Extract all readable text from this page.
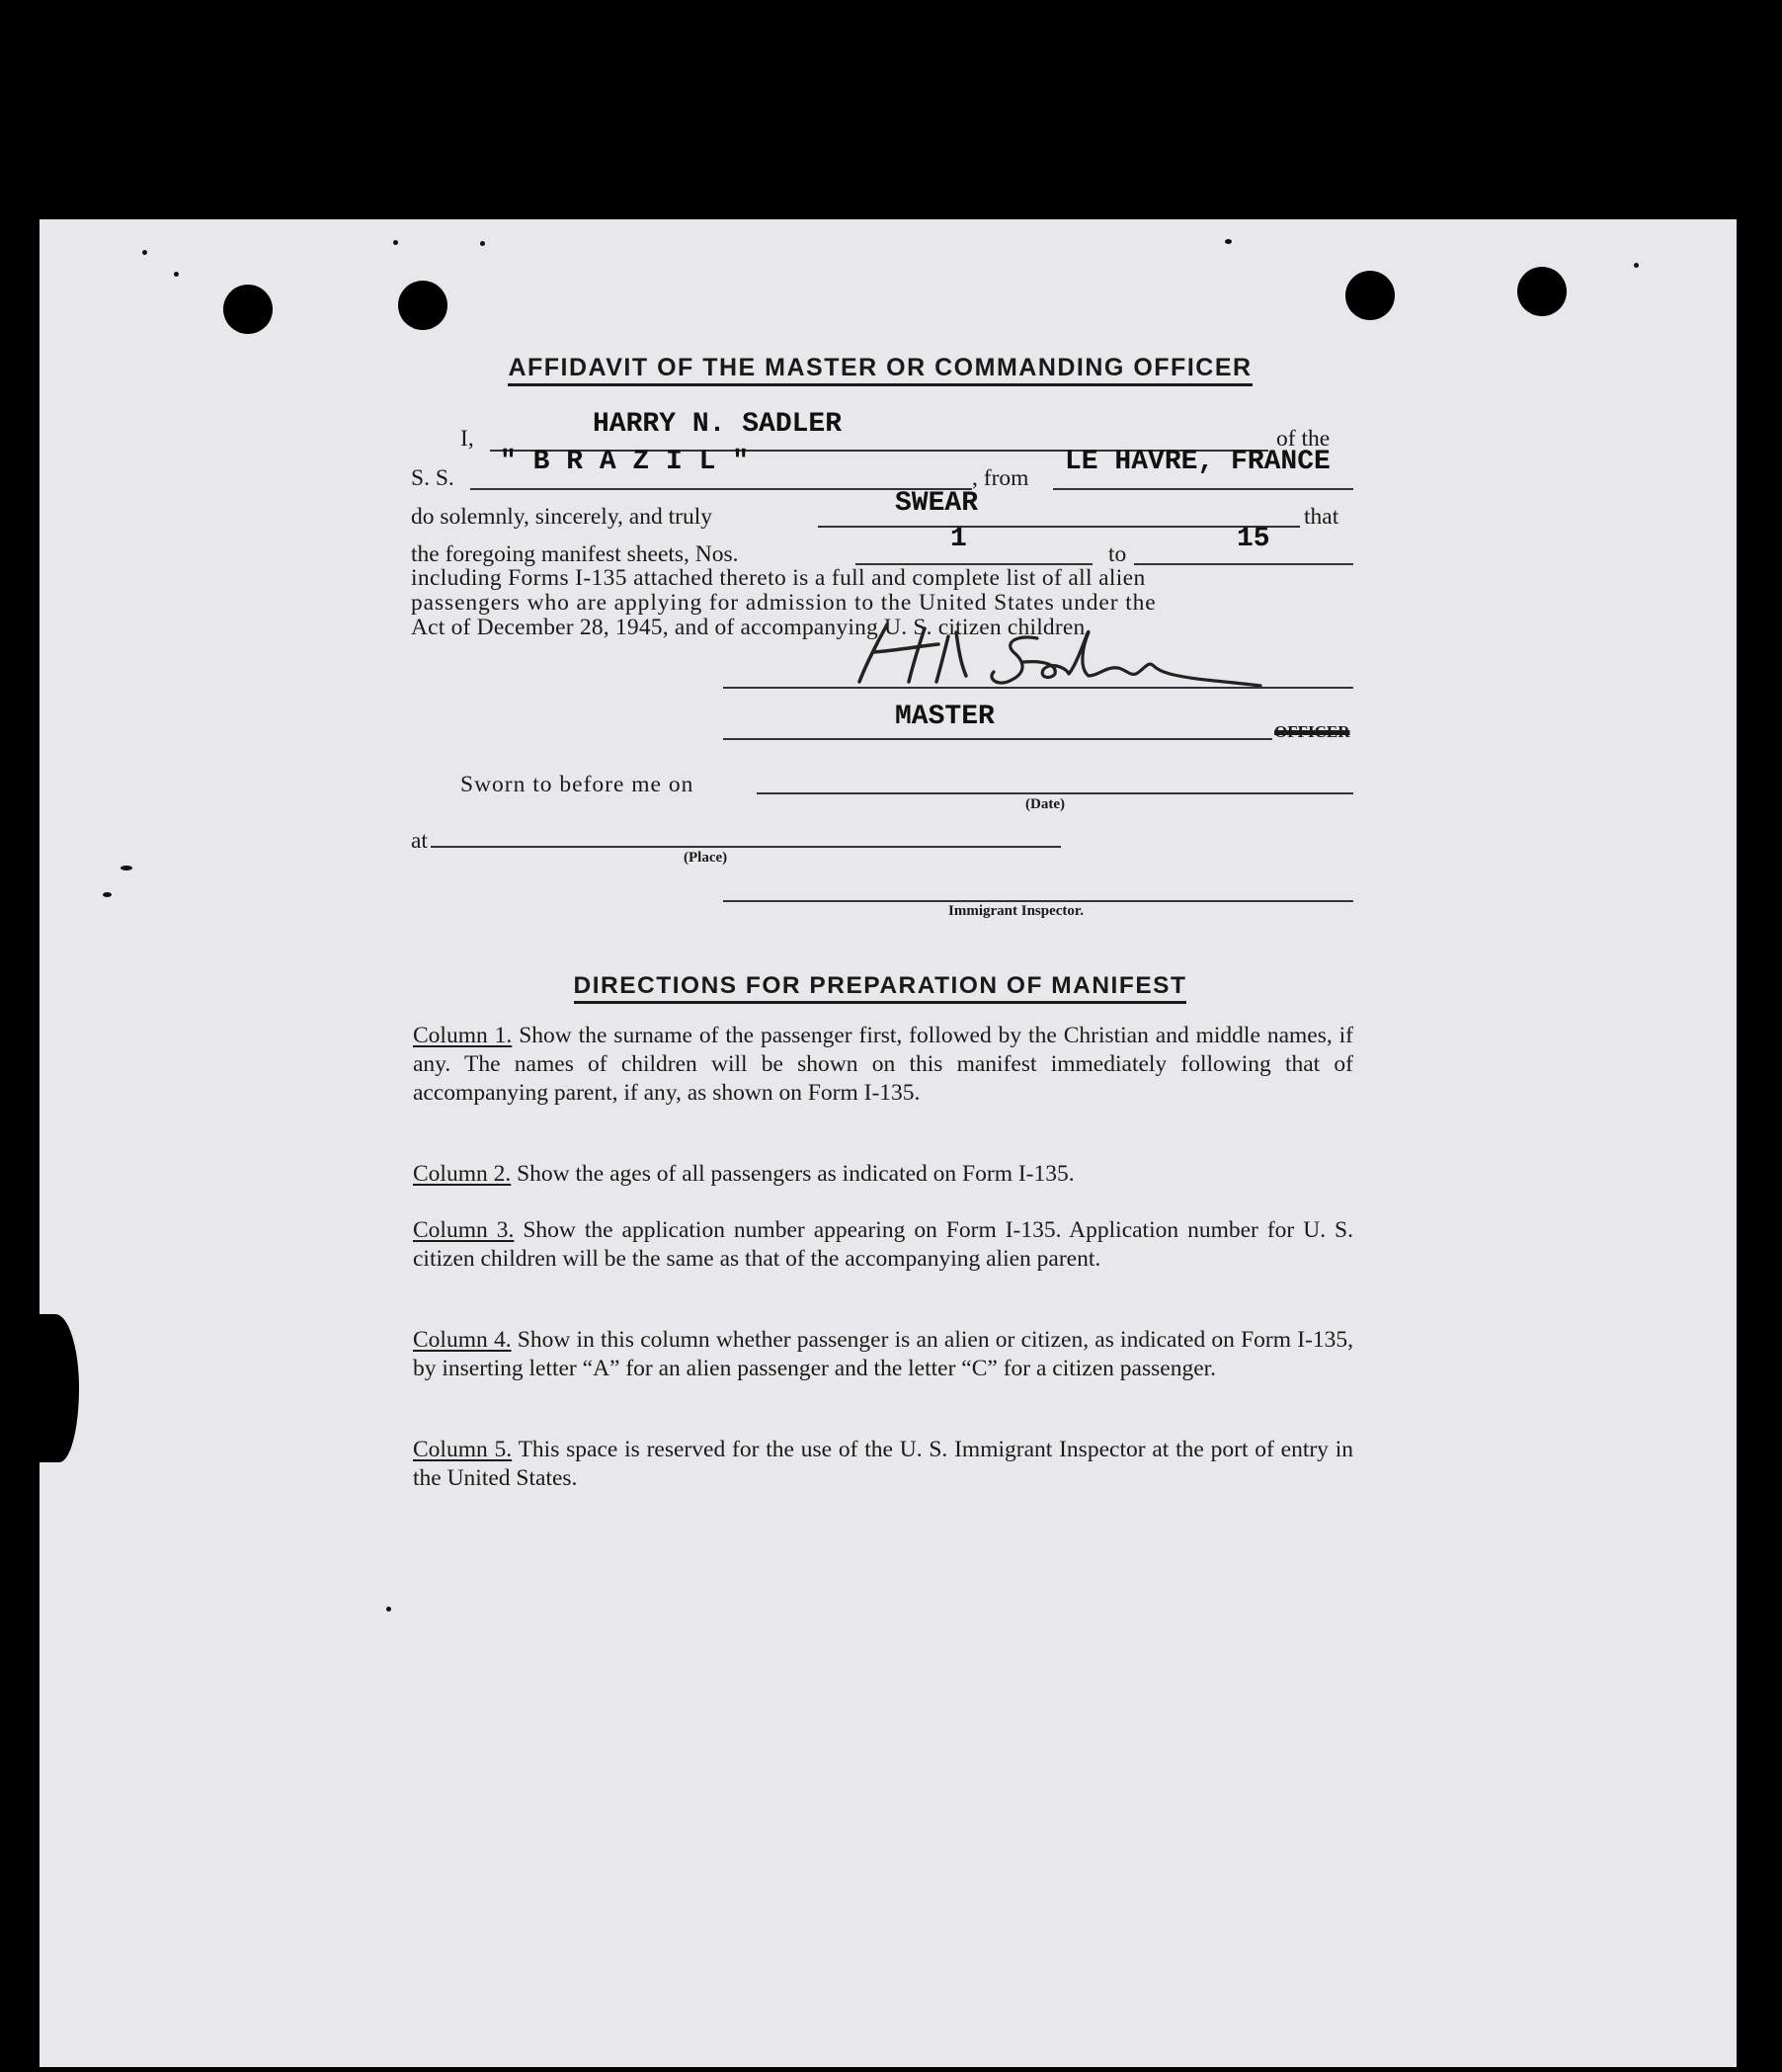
AFFIDAVIT OF THE MASTER OR COMMANDING OFFICER
I,	HARRY N. SADLER	of the
S. S.
" B R A Z I L "
, from
LE HAVRE, FRANCE
do solemnly, sincerely, and truly	SWEAR	that
the foregoing manifest sheets, Nos.	1	to	15
including Forms I-135 attached thereto is a full and complete list of all alien
passengers who are applying for admission to the United States under the
Act of December 28, 1945, and of accompanying U. S. citizen children.
MASTER	OFFICER
Sworn to before me on
(Date)
at
(Place)
Immigrant Inspector.
DIRECTIONS FOR PREPARATION OF MANIFEST
Column 1. Show the surname of the passenger first, followed by the Christian and middle names, if any. The names of children will be shown on this manifest immediately following that of accompanying parent, if any, as shown on Form I-135.
Column 2. Show the ages of all passengers as indicated on Form I-135.
Column 3. Show the application number appearing on Form I-135. Application number for U. S. citizen children will be the same as that of the accompanying alien parent.
Column 4. Show in this column whether passenger is an alien or citizen, as indicated on Form I-135, by inserting letter “A” for an alien passenger and the letter “C” for a citizen passenger.
Column 5. This space is reserved for the use of the U. S. Immigrant Inspector at the port of entry in the United States.
